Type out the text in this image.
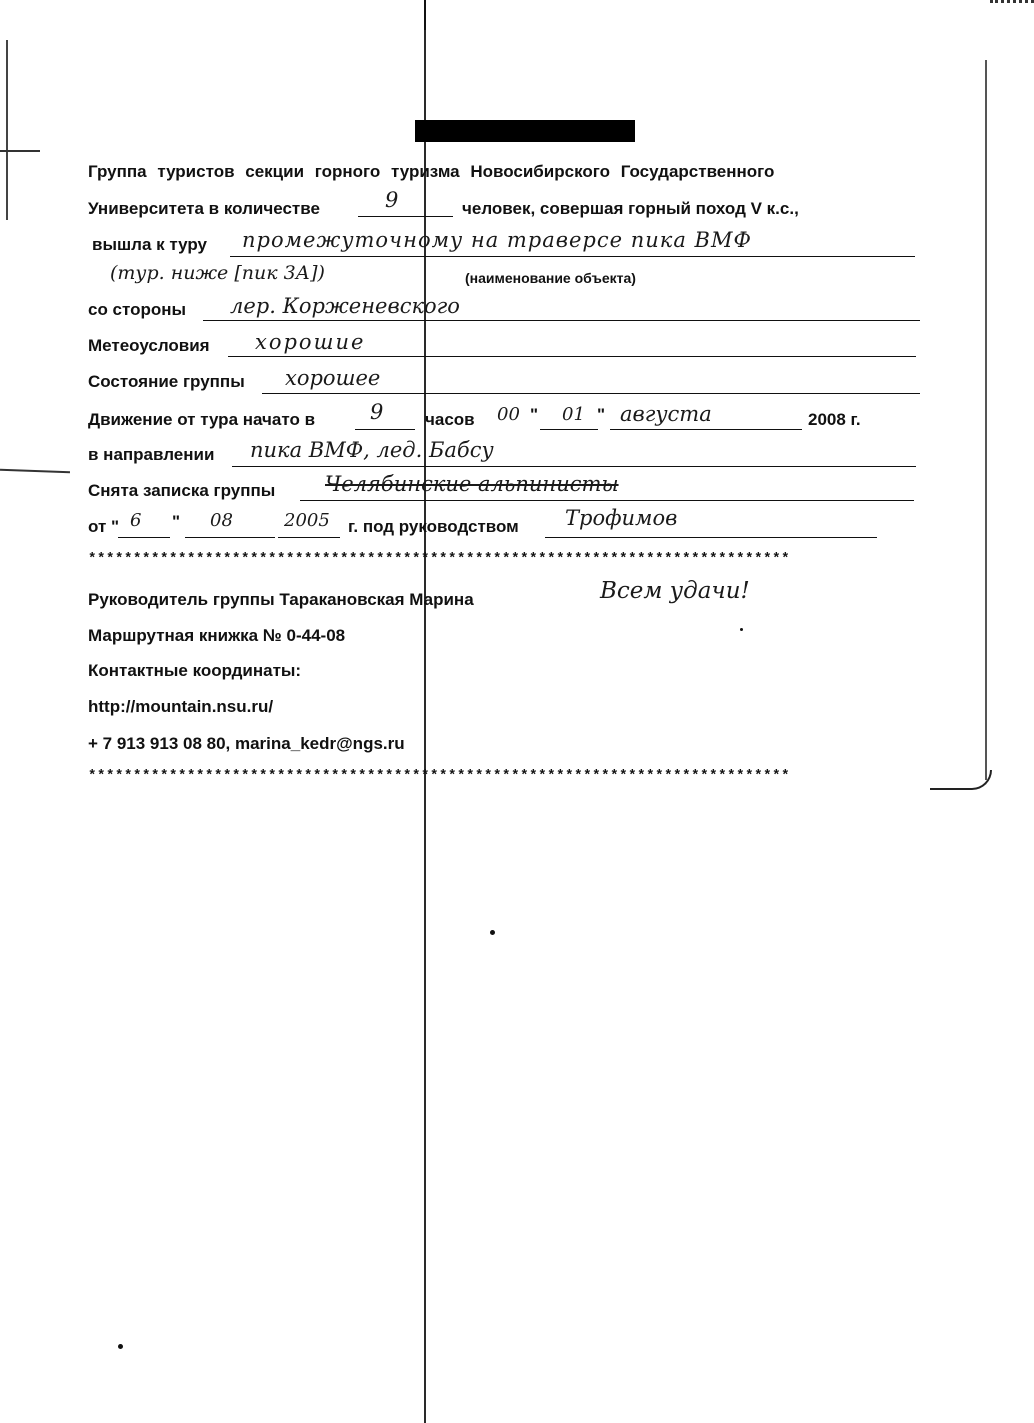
Группа туристов секции горного туризма Новосибирского Государственного
Университета в количестве	9	человек, совершая горный поход V к.с.,
вышла к туру промежуточному на траверсе пика ВМФ
(тур. ниже [пик 3А])	(наименование объекта)
со стороны лер. Корженевского
Метеоусловия хорошие
Состояние группы хорошее
Движение от тура начато в	9 часов 00 " 01 " августа	2008 г.
в направлении пика ВМФ, лед. Бабсу
Снята записка группы Челябинские альпинисты
от " 6 " 08	2005 г. под руководством Трофимов
******************************************************************************
Руководитель группы Таракановская Марина	Всем удачи!
Маршрутная книжка № 0-44-08
Контактные координаты:
http://mountain.nsu.ru/
+ 7 913 913 08 80, marina_kedr@ngs.ru
******************************************************************************
